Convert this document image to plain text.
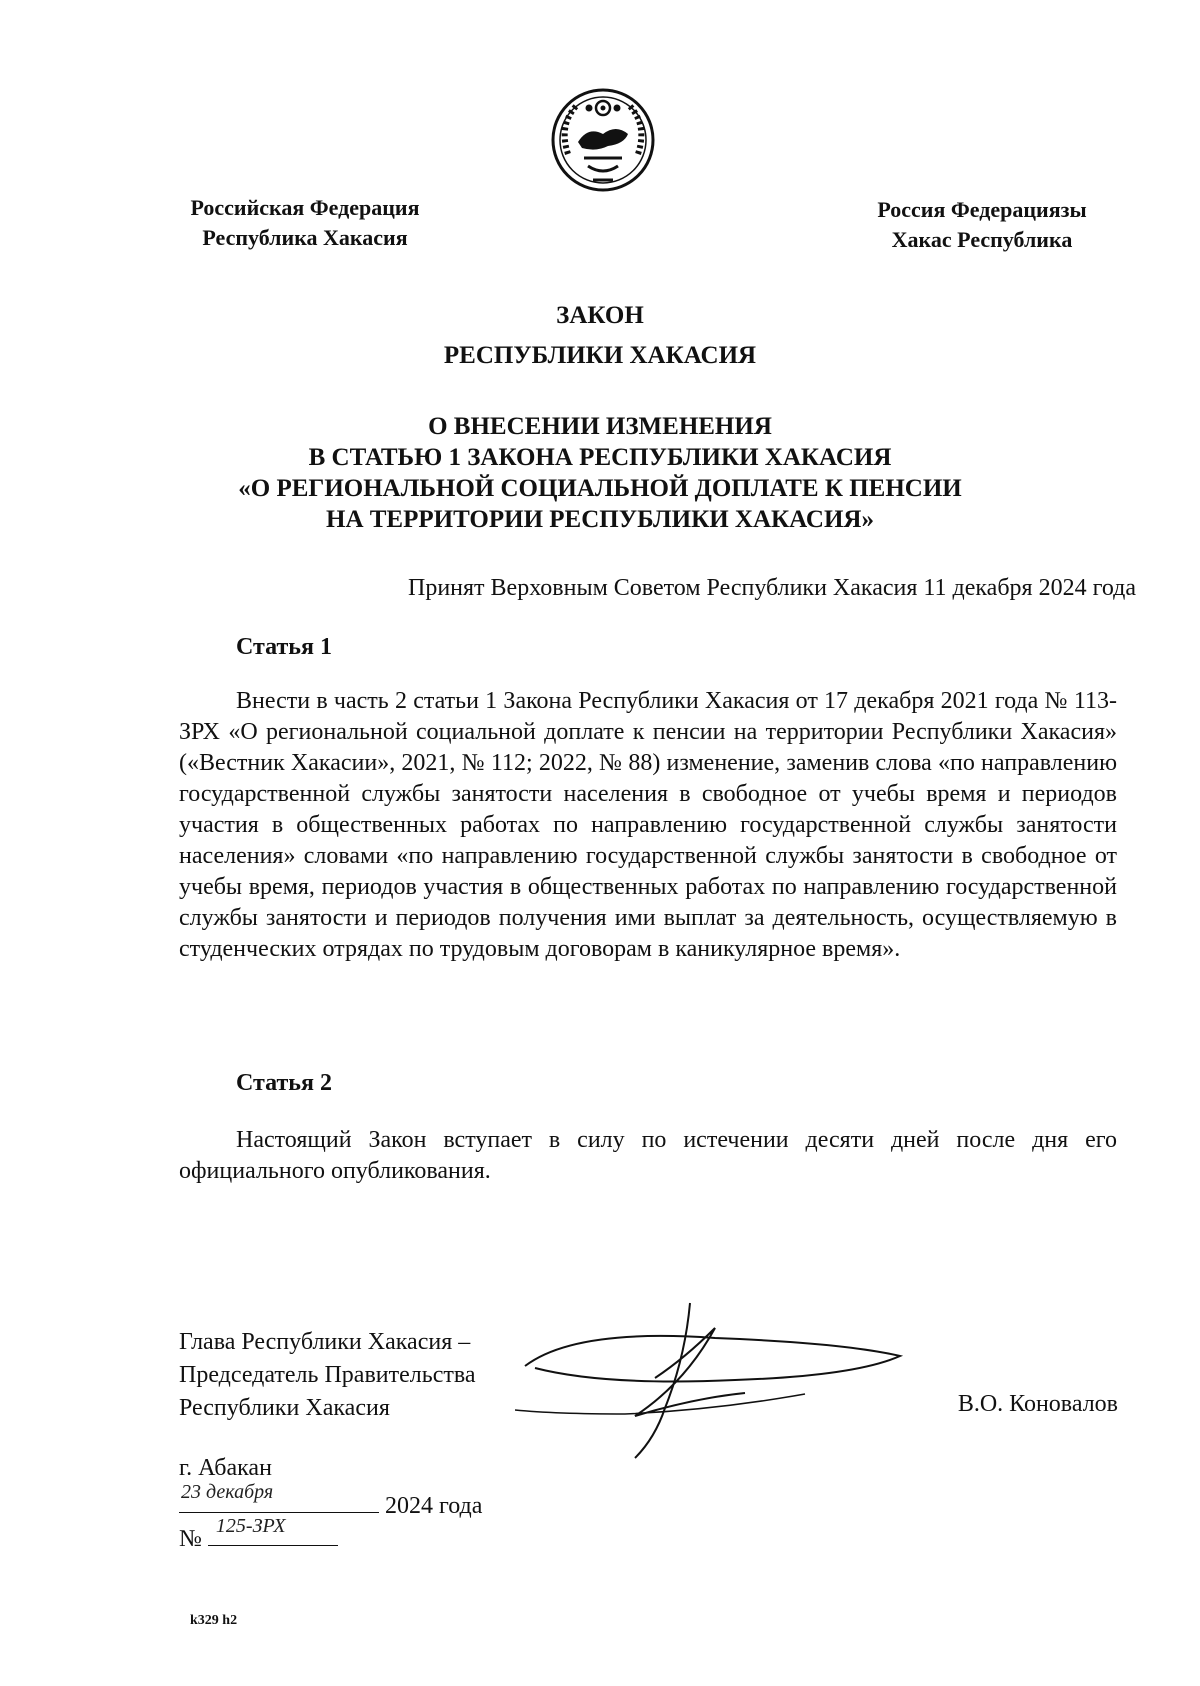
Российская Федерация
Республика Хакасия
Россия Федерациязы
Хакас Республика
ЗАКОН
РЕСПУБЛИКИ ХАКАСИЯ
О ВНЕСЕНИИ ИЗМЕНЕНИЯ
В СТАТЬЮ 1 ЗАКОНА РЕСПУБЛИКИ ХАКАСИЯ
«О РЕГИОНАЛЬНОЙ СОЦИАЛЬНОЙ ДОПЛАТЕ К ПЕНСИИ
НА ТЕРРИТОРИИ РЕСПУБЛИКИ ХАКАСИЯ»
Принят Верховным Советом Республики Хакасия 11 декабря 2024 года
Статья 1
Внести в часть 2 статьи 1 Закона Республики Хакасия от 17 декабря 2021 года № 113-ЗРХ «О региональной социальной доплате к пенсии на территории Республики Хакасия» («Вестник Хакасии», 2021, № 112; 2022, № 88) изменение, заменив слова «по направлению государственной службы занятости населения в свободное от учебы время и периодов участия в общественных работах по направлению государственной службы занятости населения» словами «по направлению государственной службы занятости в свободное от учебы время, периодов участия в общественных работах по направлению государственной службы занятости и периодов получения ими выплат за деятельность, осуществляемую в студенческих отрядах по трудовым договорам в каникулярное время».
Статья 2
Настоящий Закон вступает в силу по истечении десяти дней после дня его официального опубликования.
Глава Республики Хакасия –
Председатель Правительства
Республики Хакасия	В.О. Коновалов
г. Абакан
23 декабря
2024 года
№ 125-ЗРХ
k329 h2
